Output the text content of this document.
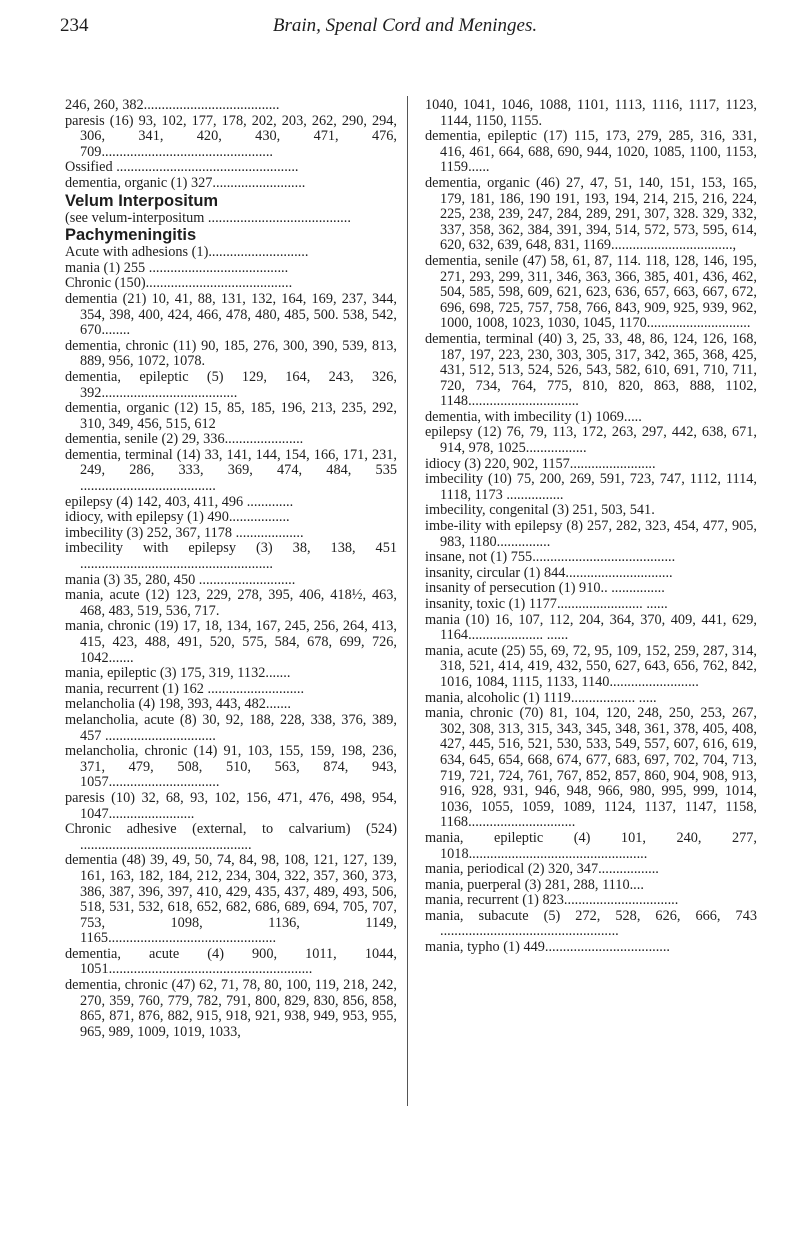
234	Brain, Spenal Cord and Meninges.

246, 260, 382......................................

paresis (16) 93, 102, 177, 178, 202, 203, 262, 290, 294, 306, 341, 420, 430, 471, 476, 709................................................

Ossified ...................................................

dementia, organic (1) 327..........................

Velum Interpositum

(see velum-interpositum ........................................

Pachymeningitis

Acute with adhesions (1)............................

mania (1) 255 .......................................

Chronic (150).........................................

dementia (21) 10, 41, 88, 131, 132, 164, 169, 237, 344, 354, 398, 400, 424, 466, 478, 480, 485, 500. 538, 542, 670........

dementia, chronic (11) 90, 185, 276, 300, 390, 539, 813, 889, 956, 1072, 1078.

dementia, epileptic (5) 129, 164, 243, 326, 392......................................

dementia, organic (12) 15, 85, 185, 196, 213, 235, 292, 310, 349, 456, 515, 612

dementia, senile (2) 29, 336......................

dementia, terminal (14) 33, 141, 144, 154, 166, 171, 231, 249, 286, 333, 369, 474, 484, 535 ......................................

epilepsy (4) 142, 403, 411, 496 .............

idiocy, with epilepsy (1) 490.................

imbecility (3) 252, 367, 1178 ...................

imbecility with epilepsy (3) 38, 138, 451 ......................................................

mania (3) 35, 280, 450 ...........................

mania, acute (12) 123, 229, 278, 395, 406, 418½, 463, 468, 483, 519, 536, 717.

mania, chronic (19) 17, 18, 134, 167, 245, 256, 264, 413, 415, 423, 488, 491, 520, 575, 584, 678, 699, 726, 1042.......

mania, epileptic (3) 175, 319, 1132.......

mania, recurrent (1) 162 ...........................

melancholia (4) 198, 393, 443, 482.......

melancholia, acute (8) 30, 92, 188, 228, 338, 376, 389, 457 ...............................

melancholia, chronic (14) 91, 103, 155, 159, 198, 236, 371, 479, 508, 510, 563, 874, 943, 1057...............................

paresis (10) 32, 68, 93, 102, 156, 471, 476, 498, 954, 1047........................

Chronic adhesive (external, to calvarium) (524) ................................................

dementia (48) 39, 49, 50, 74, 84, 98, 108, 121, 127, 139, 161, 163, 182, 184, 212, 234, 304, 322, 357, 360, 373, 386, 387, 396, 397, 410, 429, 435, 437, 489, 493, 506, 518, 531, 532, 618, 652, 682, 686, 689, 694, 705, 707, 753, 1098, 1136, 1149, 1165...............................................

dementia, acute (4) 900, 1011, 1044, 1051.........................................................

dementia, chronic (47) 62, 71, 78, 80, 100, 119, 218, 242, 270, 359, 760, 779, 782, 791, 800, 829, 830, 856, 858, 865, 871, 876, 882, 915, 918, 921, 938, 949, 953, 955, 965, 989, 1009, 1019, 1033,

1040, 1041, 1046, 1088, 1101, 1113, 1116, 1117, 1123, 1144, 1150, 1155.

dementia, epileptic (17) 115, 173, 279, 285, 316, 331, 416, 461, 664, 688, 690, 944, 1020, 1085, 1100, 1153, 1159......

dementia, organic (46) 27, 47, 51, 140, 151, 153, 165, 179, 181, 186, 190 191, 193, 194, 214, 215, 216, 224, 225, 238, 239, 247, 284, 289, 291, 307, 328. 329, 332, 337, 358, 362, 384, 391, 394, 514, 572, 573, 595, 614, 620, 632, 639, 648, 831, 1169..................................,

dementia, senile (47) 58, 61, 87, 114. 118, 128, 146, 195, 271, 293, 299, 311, 346, 363, 366, 385, 401, 436, 462, 504, 585, 598, 609, 621, 623, 636, 657, 663, 667, 672, 696, 698, 725, 757, 758, 766, 843, 909, 925, 939, 962, 1000, 1008, 1023, 1030, 1045, 1170.............................

dementia, terminal (40) 3, 25, 33, 48, 86, 124, 126, 168, 187, 197, 223, 230, 303, 305, 317, 342, 365, 368, 425, 431, 512, 513, 524, 526, 543, 582, 610, 691, 710, 711, 720, 734, 764, 775, 810, 820, 863, 888, 1102, 1148...............................

dementia, with imbecility (1) 1069.....

epilepsy (12) 76, 79, 113, 172, 263, 297, 442, 638, 671, 914, 978, 1025.................

idiocy (3) 220, 902, 1157........................

imbecility (10) 75, 200, 269, 591, 723, 747, 1112, 1114, 1118, 1173 ................

imbecility, congenital (3) 251, 503, 541.

imbe-ility with epilepsy (8) 257, 282, 323, 454, 477, 905, 983, 1180...............

insane, not (1) 755........................................

insanity, circular (1) 844..............................

insanity of persecution (1) 910.. ...............

insanity, toxic (1) 1177........................ ......

mania (10) 16, 107, 112, 204, 364, 370, 409, 441, 629, 1164..................... ......

mania, acute (25) 55, 69, 72, 95, 109, 152, 259, 287, 314, 318, 521, 414, 419, 432, 550, 627, 643, 656, 762, 842, 1016, 1084, 1115, 1133, 1140.........................

mania, alcoholic (1) 1119.................. .....

mania, chronic (70) 81, 104, 120, 248, 250, 253, 267, 302, 308, 313, 315, 343, 345, 348, 361, 378, 405, 408, 427, 445, 516, 521, 530, 533, 549, 557, 607, 616, 619, 634, 645, 654, 668, 674, 677, 683, 697, 702, 704, 713, 719, 721, 724, 761, 767, 852, 857, 860, 904, 908, 913, 916, 928, 931, 946, 948, 966, 980, 995, 999, 1014, 1036, 1055, 1059, 1089, 1124, 1137, 1147, 1158, 1168..............................

mania, epileptic (4) 101, 240, 277, 1018..................................................

mania, periodical (2) 320, 347.................

mania, puerperal (3) 281, 288, 1110....

mania, recurrent (1) 823................................

mania, subacute (5) 272, 528, 626, 666, 743 ..................................................

mania, typho (1) 449...................................
